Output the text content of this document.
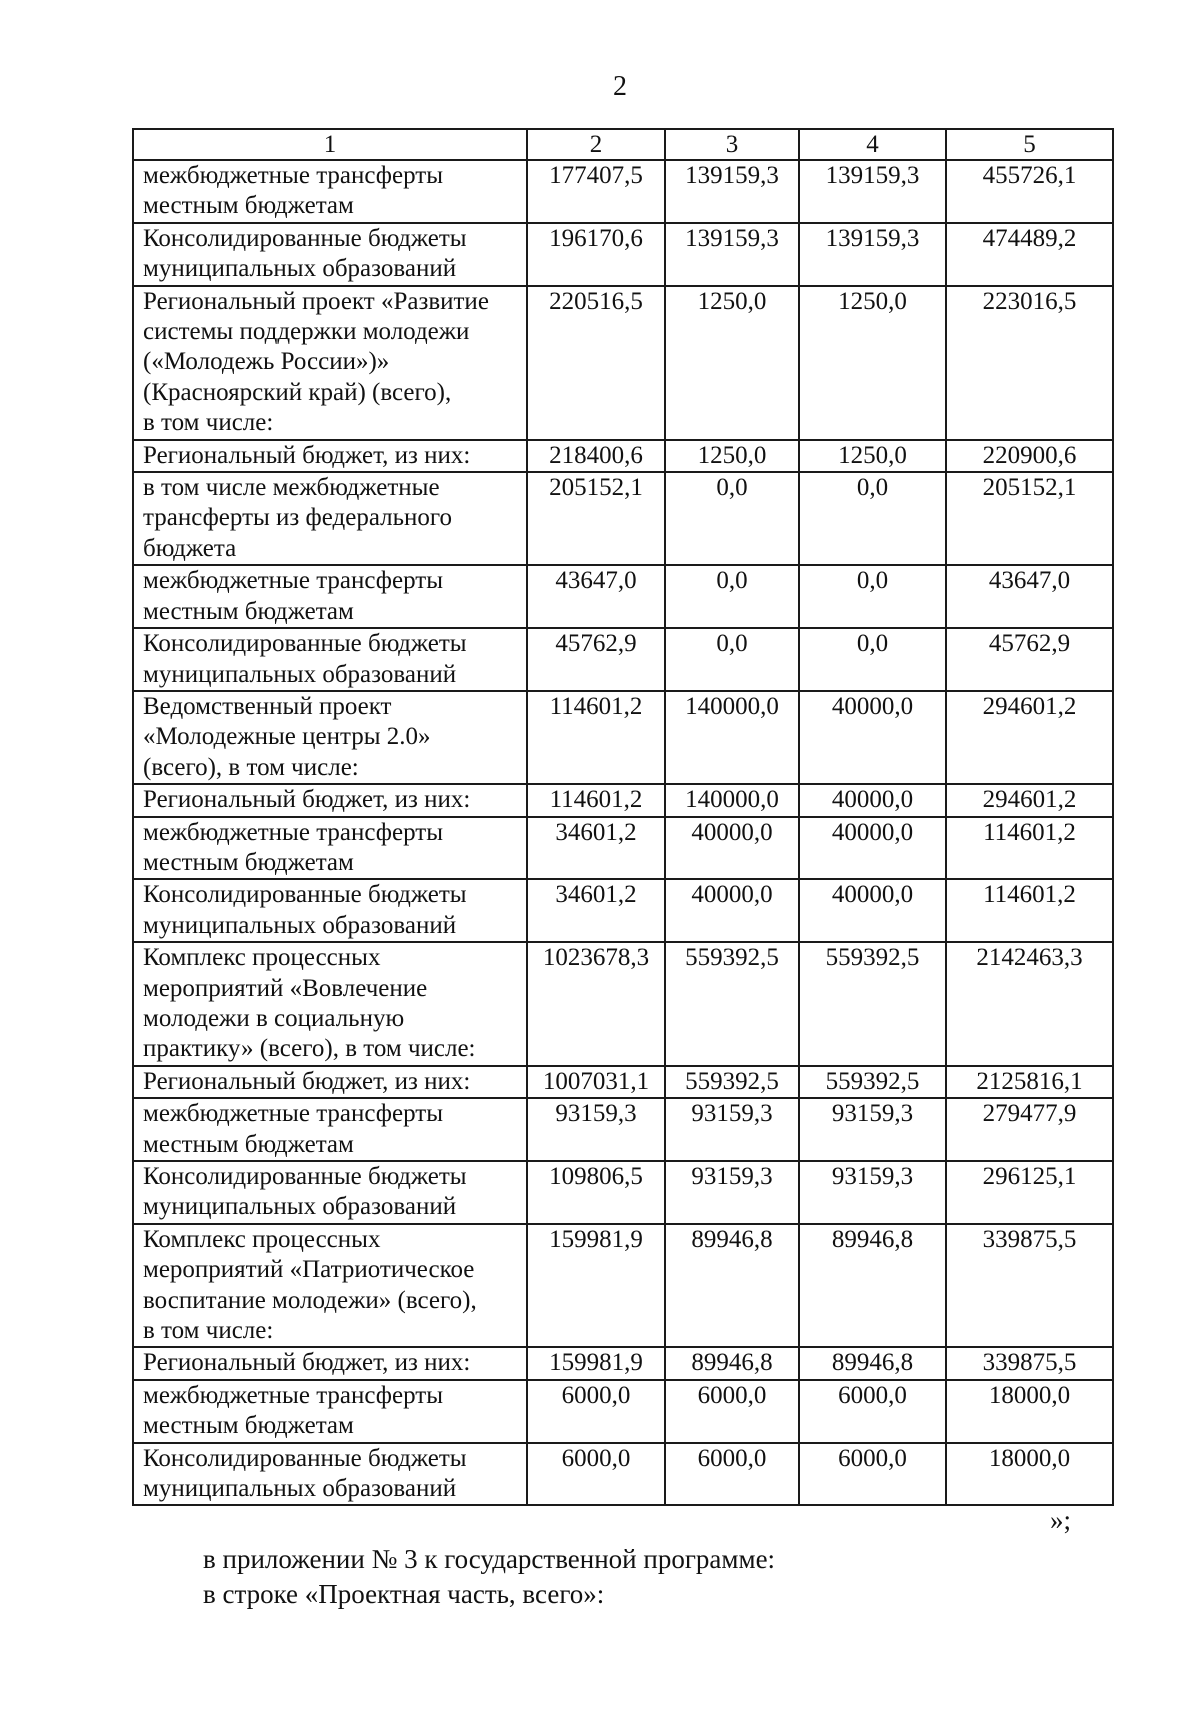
2
1	2	3	4	5
межбюджетные трансферты
местным бюджетам	177407,5	139159,3	139159,3	455726,1
Консолидированные бюджеты
муниципальных образований	196170,6	139159,3	139159,3	474489,2
Региональный проект «Развитие
системы поддержки молодежи
(«Молодежь России»)»
(Красноярский край) (всего),
в том числе:	220516,5	1250,0	1250,0	223016,5
Региональный бюджет, из них:	218400,6	1250,0	1250,0	220900,6
в том числе межбюджетные
трансферты из федерального
бюджета	205152,1	0,0	0,0	205152,1
межбюджетные трансферты
местным бюджетам	43647,0	0,0	0,0	43647,0
Консолидированные бюджеты
муниципальных образований	45762,9	0,0	0,0	45762,9
Ведомственный проект
«Молодежные центры 2.0»
(всего), в том числе:	114601,2	140000,0	40000,0	294601,2
Региональный бюджет, из них:	114601,2	140000,0	40000,0	294601,2
межбюджетные трансферты
местным бюджетам	34601,2	40000,0	40000,0	114601,2
Консолидированные бюджеты
муниципальных образований	34601,2	40000,0	40000,0	114601,2
Комплекс процессных
мероприятий «Вовлечение
молодежи в социальную
практику» (всего), в том числе:	1023678,3	559392,5	559392,5	2142463,3
Региональный бюджет, из них:	1007031,1	559392,5	559392,5	2125816,1
межбюджетные трансферты
местным бюджетам	93159,3	93159,3	93159,3	279477,9
Консолидированные бюджеты
муниципальных образований	109806,5	93159,3	93159,3	296125,1
Комплекс процессных
мероприятий «Патриотическое
воспитание молодежи» (всего),
в том числе:	159981,9	89946,8	89946,8	339875,5
Региональный бюджет, из них:	159981,9	89946,8	89946,8	339875,5
межбюджетные трансферты
местным бюджетам	6000,0	6000,0	6000,0	18000,0
Консолидированные бюджеты
муниципальных образований	6000,0	6000,0	6000,0	18000,0
»;
в приложении № 3 к государственной программе:
в строке «Проектная часть, всего»:
